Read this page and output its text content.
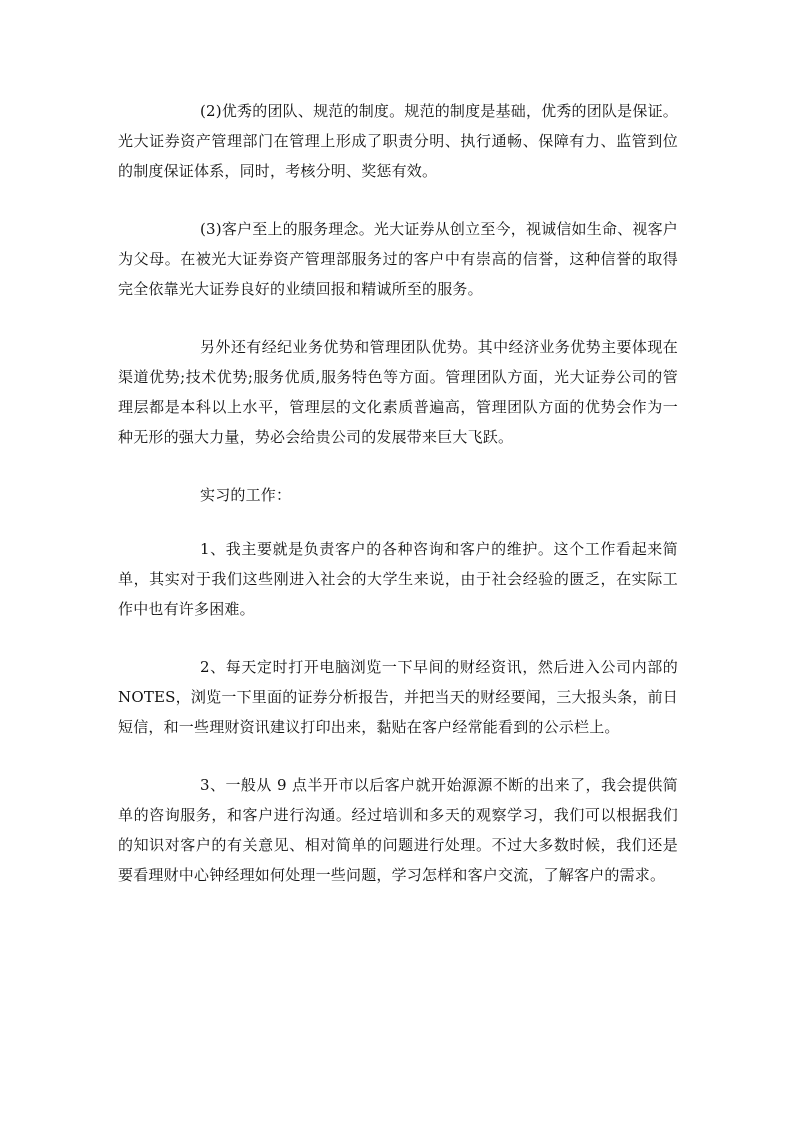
(2)优秀的团队、规范的制度。规范的制度是基础，优秀的团队是保证。 光大证券资产管理部门在管理上形成了职责分明、执行通畅、保障有力、监管到位的制度保证体系，同时，考核分明、奖惩有效。

(3)客户至上的服务理念。光大证券从创立至今，视诚信如生命、视客户为父母。在被光大证券资产管理部服务过的客户中有崇高的信誉，这种信誉的取得完全依靠光大证券良好的业绩回报和精诚所至的服务。

另外还有经纪业务优势和管理团队优势。其中经济业务优势主要体现在渠道优势;技术优势;服务优质,服务特色等方面。管理团队方面，光大证券公司的管理层都是本科以上水平，管理层的文化素质普遍高，管理团队方面的优势会作为一种无形的强大力量，势必会给贵公司的发展带来巨大飞跃。

实习的工作：

1、我主要就是负责客户的各种咨询和客户的维护。这个工作看起来简单，其实对于我们这些刚进入社会的大学生来说，由于社会经验的匮乏，在实际工作中也有许多困难。

2、每天定时打开电脑浏览一下早间的财经资讯，然后进入公司内部的 NOTES，浏览一下里面的证券分析报告，并把当天的财经要闻，三大报头条，前日短信，和一些理财资讯建议打印出来，黏贴在客户经常能看到的公示栏上。

3、一般从 9 点半开市以后客户就开始源源不断的出来了，我会提供简单的咨询服务，和客户进行沟通。经过培训和多天的观察学习，我们可以根据我们的知识对客户的有关意见、相对简单的问题进行处理。不过大多数时候，我们还是要看理财中心钟经理如何处理一些问题，学习怎样和客户交流，了解客户的需求。
